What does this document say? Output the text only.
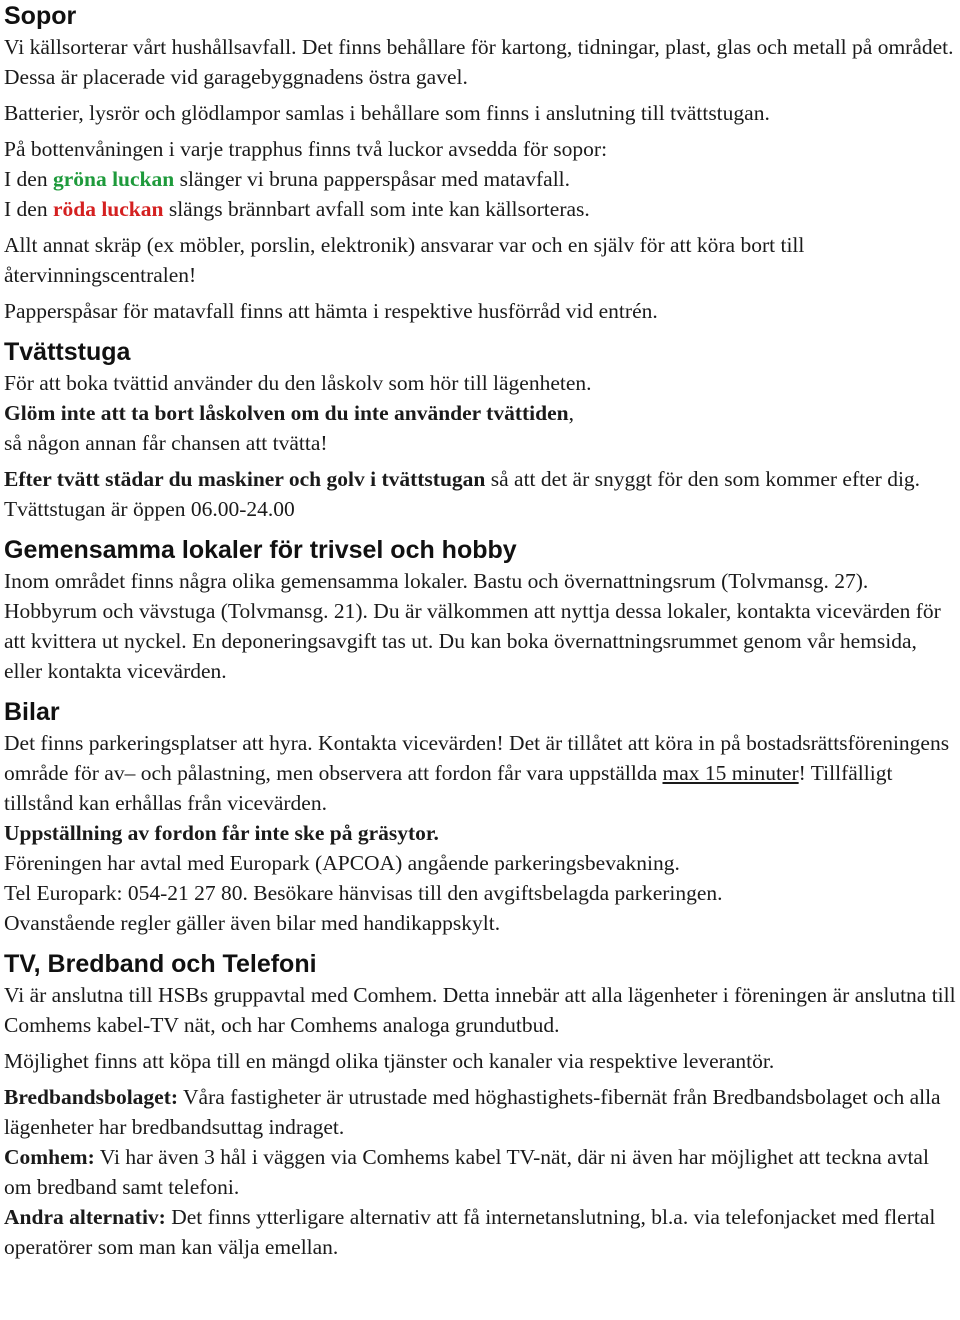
Sopor

Vi källsorterar vårt hushållsavfall. Det finns behållare för kartong, tidningar, plast, glas och metall på området. Dessa är placerade vid garagebyggnadens östra gavel.

Batterier, lysrör och glödlampor samlas i behållare som finns i anslutning till tvättstugan.

På bottenvåningen i varje trapphus finns två luckor avsedda för sopor:

I den gröna luckan slänger vi bruna papperspåsar med matavfall.

I den röda luckan slängs brännbart avfall som inte kan källsorteras.

Allt annat skräp (ex möbler, porslin, elektronik) ansvarar var och en själv för att köra bort till återvinningscentralen!

Papperspåsar för matavfall finns att hämta i respektive husförråd vid entrén.

Tvättstuga

För att boka tvättid använder du den låskolv som hör till lägenheten.

Glöm inte att ta bort låskolven om du inte använder tvättiden,

så någon annan får chansen att tvätta!

Efter tvätt städar du maskiner och golv i tvättstugan så att det är snyggt för den som kommer efter dig. Tvättstugan är öppen 06.00-24.00

Gemensamma lokaler för trivsel och hobby

Inom området finns några olika gemensamma lokaler. Bastu och övernattningsrum (Tolvmansg. 27). Hobbyrum och vävstuga (Tolvmansg. 21). Du är välkommen att nyttja dessa lokaler, kontakta vicevärden för att kvittera ut nyckel. En deponeringsavgift tas ut. Du kan boka övernattningsrummet genom vår hemsida, eller kontakta vicevärden.

Bilar

Det finns parkeringsplatser att hyra. Kontakta vicevärden! Det är tillåtet att köra in på bostadsrättsföreningens område för av– och pålastning, men observera att fordon får vara uppställda max 15 minuter! Tillfälligt tillstånd kan erhållas från vicevärden.

Uppställning av fordon får inte ske på gräsytor.

Föreningen har avtal med Europark (APCOA) angående parkeringsbevakning.

Tel Europark: 054-21 27 80. Besökare hänvisas till den avgiftsbelagda parkeringen.

Ovanstående regler gäller även bilar med handikappskylt.

TV, Bredband och Telefoni

Vi är anslutna till HSBs gruppavtal med Comhem. Detta innebär att alla lägenheter i föreningen är anslutna till Comhems kabel-TV nät, och har Comhems analoga grundutbud.

Möjlighet finns att köpa till en mängd olika tjänster och kanaler via respektive leverantör.

Bredbandsbolaget: Våra fastigheter är utrustade med höghastighets-fibernät från Bredbandsbolaget och alla lägenheter har bredbandsuttag indraget.

Comhem: Vi har även 3 hål i väggen via Comhems kabel TV-nät, där ni även har möjlighet att teckna avtal om bredband samt telefoni.

Andra alternativ: Det finns ytterligare alternativ att få internetanslutning, bl.a. via telefonjacket med flertal operatörer som man kan välja emellan.
